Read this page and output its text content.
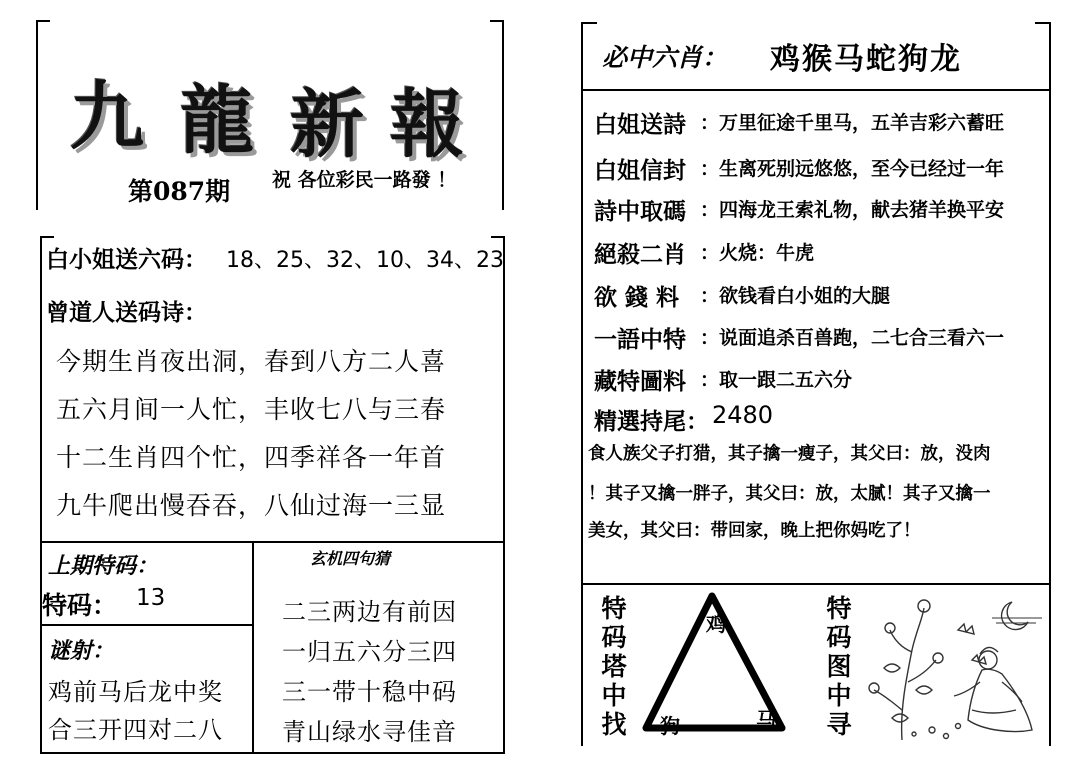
九 龍 新 報
第087期 祝 各位彩民一路發 ！
白小姐送六码： 18、25、32、10、34、23
曾道人送码诗：
今期生肖夜出洞，春到八方二人喜
五六月间一人忙，丰收七八与三春
十二生肖四个忙，四季祥各一年首
九牛爬出慢吞吞，八仙过海一三显
上期特码：
特码： 13
谜射：
鸡前马后龙中奖
合三开四对二八
玄机四句猜
二三两边有前因
一归五六分三四
三一带十稳中码
青山绿水寻佳音
必中六肖： 鸡猴马蛇狗龙
白姐送詩 ：万里征途千里马，五羊吉彩六蓄旺
白姐信封 ：生离死别远悠悠，至今已经过一年
詩中取碼 ：四海龙王索礼物，献去猪羊换平安
絕殺二肖 ：火烧：牛虎
欲 錢 料 ：欲钱看白小姐的大腿
一語中特 ：说面追杀百兽跑，二七合三看六一
藏特圖料 ：取一跟二五六分
精選持尾： 2480
食人族父子打猎，其子擒一瘦子，其父曰：放，没肉
！其子又擒一胖子，其父曰：放，太腻！其子又擒一
美女，其父曰：带回家，晚上把你妈吃了！
特码塔中找
鸡
狗	马
特码图中寻
